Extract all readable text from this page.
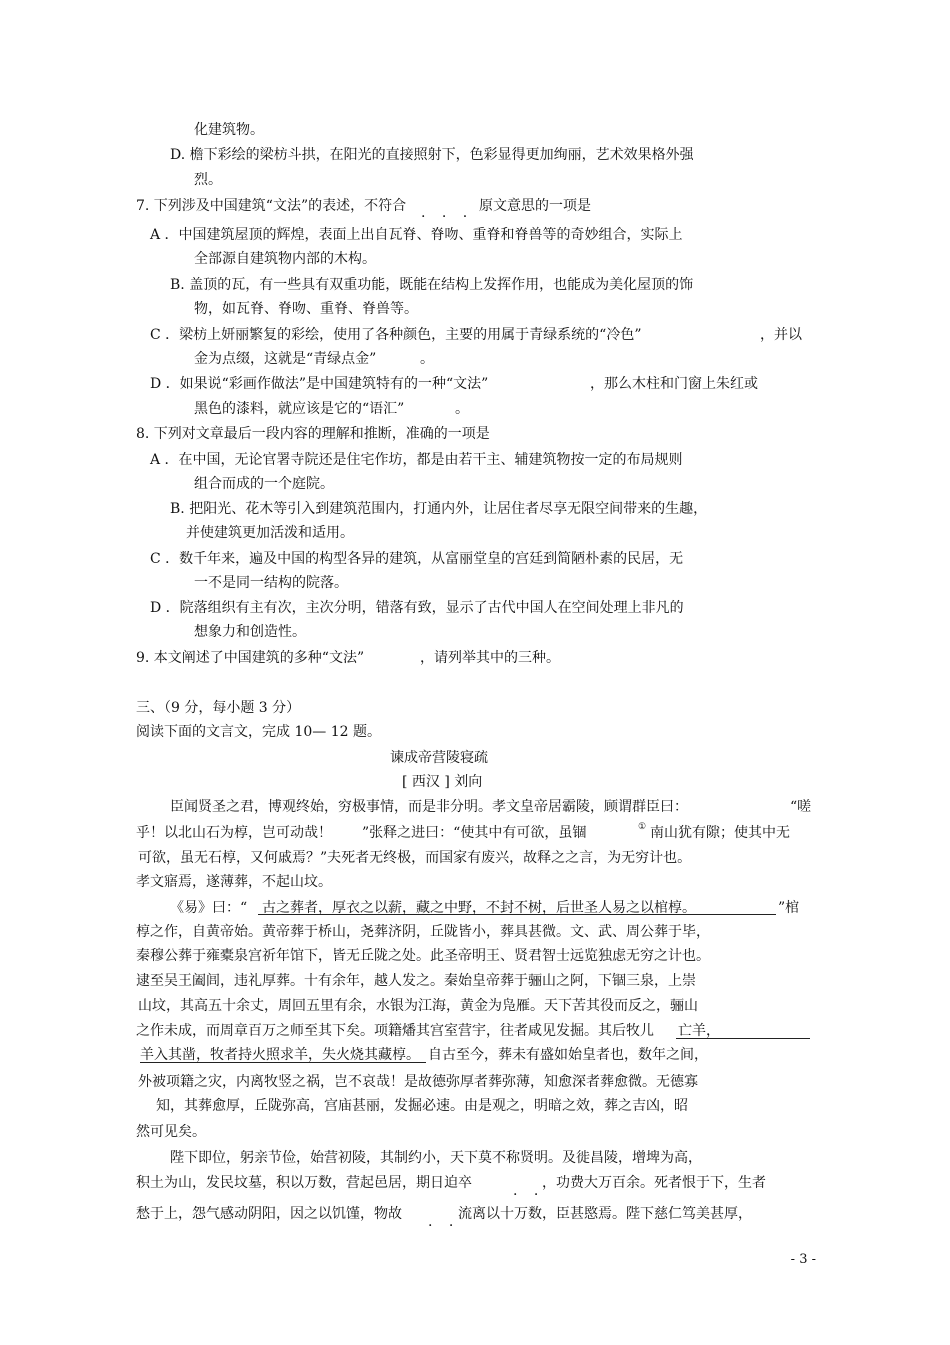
化建筑物。
D. 檐下彩绘的梁枋斗拱，在阳光的直接照射下，色彩显得更加绚丽，艺术效果格外强
烈。
7. 下列涉及中国建筑“文法”的表述，不符合 . . . 原文意思的一项是
A ．中国建筑屋顶的辉煌，表面上出自瓦脊、脊吻、重脊和脊兽等的奇妙组合，实际上
全部源自建筑物内部的木构。
B. 盖顶的瓦，有一些具有双重功能，既能在结构上发挥作用，也能成为美化屋顶的饰
物，如瓦脊、脊吻、重脊、脊兽等。
C ．梁枋上妍丽繁复的彩绘，使用了各种颜色，主要的用属于青绿系统的“冷色”	，并以
金为点缀，这就是“青绿点金”	。
D ．如果说“彩画作做法”是中国建筑特有的一种“文法”	，那么木柱和门窗上朱红或
黑色的漆料，就应该是它的“语汇”	。
8. 下列对文章最后一段内容的理解和推断，准确的一项是
A ．在中国，无论官署寺院还是住宅作坊，都是由若干主、辅建筑物按一定的布局规则
组合而成的一个庭院。
B. 把阳光、花木等引入到建筑范围内，打通内外，让居住者尽享无限空间带来的生趣，
并使建筑更加活泼和适用。
C ．数千年来，遍及中国的构型各异的建筑，从富丽堂皇的宫廷到简陋朴素的民居，无
一不是同一结构的院落。
D ．院落组织有主有次，主次分明，错落有致，显示了古代中国人在空间处理上非凡的
想象力和创造性。
9. 本文阐述了中国建筑的多种“文法”	，请列举其中的三种。
三、（9 分，每小题 3 分）
阅读下面的文言文，完成 10— 12 题。
谏成帝营陵寝疏
[ 西汉 ] 刘向
臣闻贤圣之君，博观终始，穷极事情，而是非分明。孝文皇帝居霸陵，顾谓群臣曰：	“嗟
乎！以北山石为椁，岂可动哉！ ”张释之进曰：“使其中有可欲，虽锢	① 南山犹有隙；使其中无
可欲，虽无石椁，又何戚焉？”夫死者无终极，而国家有废兴，故释之之言，为无穷计也。
孝文寤焉，遂薄葬，不起山坟。
《易》曰：“ 古之葬者，厚衣之以薪，藏之中野，不封不树，后世圣人易之以棺椁。	”棺
椁之作，自黄帝始。黄帝葬于桥山，尧葬济阴，丘陇皆小，葬具甚微。文、武、周公葬于毕，
秦穆公葬于雍橐泉宫祈年馆下，皆无丘陇之处。此圣帝明王、贤君智士远览独虑无穷之计也。
逮至吴王阖闾，违礼厚葬。十有余年，越人发之。秦始皇帝葬于骊山之阿，下锢三泉，上崇
山坟，其高五十余丈，周回五里有余，水银为江海，黄金为凫雁。天下苦其役而反之，骊山
之作未成，而周章百万之师至其下矣。项籍燔其宫室营宇，往者咸见发掘。其后牧儿 亡羊，
羊入其凿，牧者持火照求羊，失火烧其藏椁。 自古至今，葬未有盛如始皇者也，数年之间，
外被项籍之灾，内离牧竖之祸，岂不哀哉！是故德弥厚者葬弥薄，知愈深者葬愈微。无德寡
知，其葬愈厚，丘陇弥高，宫庙甚丽，发掘必速。由是观之，明暗之效，葬之吉凶，昭
然可见矣。
陛下即位，躬亲节俭，始营初陵，其制约小，天下莫不称贤明。及徙昌陵，增埤为高，
积土为山，发民坟墓，积以万数，营起邑居，期日迫卒	. .
，功费大万百余。死者恨于下，生者
愁于上，怨气感动阴阳，因之以饥馑，物故 . .
流离以十万数，臣甚愍焉。陛下慈仁笃美甚厚，
- 3 -
